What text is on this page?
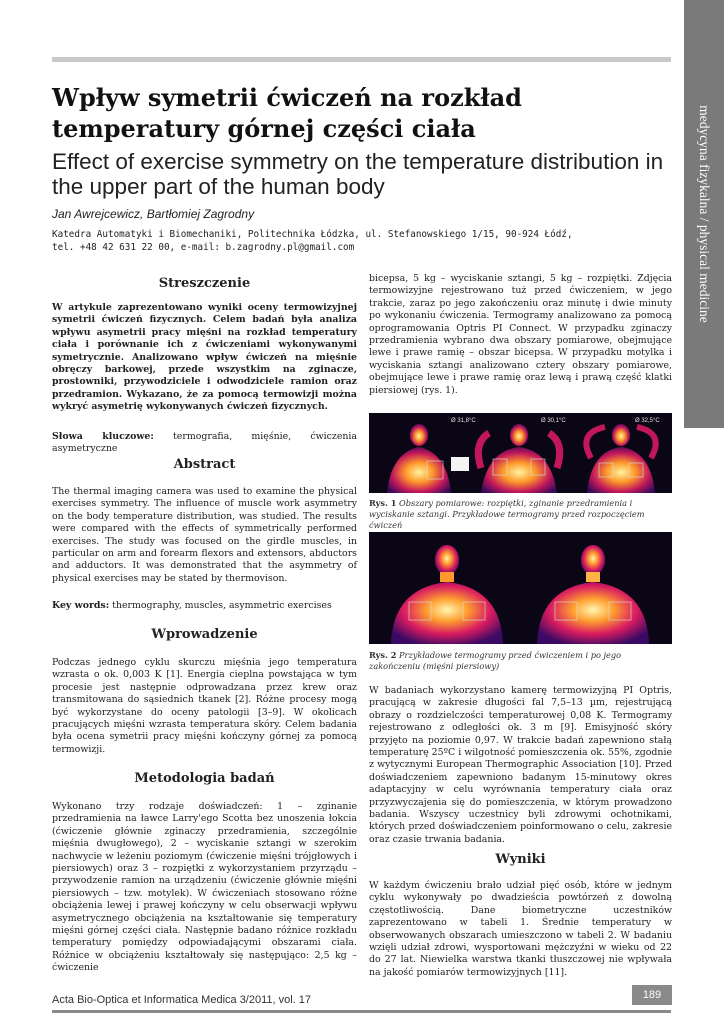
medycyna fizykalna / physical medicine
Wpływ symetrii ćwiczeń na rozkład temperatury górnej części ciała
Effect of exercise symmetry on the temperature distribution in the upper part of the human body
Jan Awrejcewicz, Bartłomiej Zagrodny
Katedra Automatyki i Biomechaniki, Politechnika Łódzka, ul. Stefanowskiego 1/15, 90-924 Łódź,
tel. +48 42 631 22 00, e-mail: b.zagrodny.pl@gmail.com
Streszczenie

W artykule zaprezentowano wyniki oceny termowizyjnej symetrii ćwiczeń fizycznych. Celem badań była analiza wpływu asymetrii pracy mięśni na rozkład temperatury ciała i porównanie ich z ćwiczeniami wykonywanymi symetrycznie. Analizowano wpływ ćwiczeń na mięśnie obręczy barkowej, przede wszystkim na zginacze, prostowniki, przywodziciele i odwodziciele ramion oraz przedramion. Wykazano, że za pomocą termowizji można wykryć asymetrię wykonywanych ćwiczeń fizycznych.

Słowa kluczowe: termografia, mięśnie, ćwiczenia asymetryczne

Abstract

The thermal imaging camera was used to examine the physical exercises symmetry. The influence of muscle work asymmetry on the body temperature distribution, was studied. The results were compared with the effects of symmetrically performed exercises. The study was focused on the girdle muscles, in particular on arm and forearm flexors and extensors, abductors and adductors. It was demonstrated that the asymmetry of physical exercises may be stated by thermovison.

Key words: thermography, muscles, asymmetric exercises

Wprowadzenie

Podczas jednego cyklu skurczu mięśnia jego temperatura wzrasta o ok. 0,003 K [1]. Energia cieplna powstająca w tym procesie jest następnie odprowadzana przez krew oraz transmitowana do sąsiednich tkanek [2]. Różne procesy mogą być wykorzystane do oceny patologii [3–9]. W okolicach pracujących mięśni wzrasta temperatura skóry. Celem badania była ocena symetrii pracy mięśni kończyny górnej za pomocą termowizji.

Metodologia badań

Wykonano trzy rodzaje doświadczeń: 1 – zginanie przedramienia na ławce Larry'ego Scotta bez unoszenia łokcia (ćwiczenie głównie zginaczy przedramienia, szczególnie mięśnia dwugłowego), 2 – wyciskanie sztangi w szerokim nachwycie w leżeniu poziomym (ćwiczenie mięśni trójgłowych i piersiowych) oraz 3 – rozpiętki z wykorzystaniem przyrządu – przywodzenie ramion na urządzeniu (ćwiczenie głównie mięśni piersiowych – tzw. motylek). W ćwiczeniach stosowano różne obciążenia lewej i prawej kończyny w celu obserwacji wpływu asymetrycznego obciążenia na kształtowanie się temperatury mięśni górnej części ciała. Następnie badano różnice rozkładu temperatury pomiędzy odpowiadającymi obszarami ciała. Różnice w obciążeniu kształtowały się następująco: 2,5 kg – ćwiczenie

bicepsa, 5 kg – wyciskanie sztangi, 5 kg – rozpiętki. Zdjęcia termowizyjne rejestrowano tuż przed ćwiczeniem, w jego trakcie, zaraz po jego zakończeniu oraz minutę i dwie minuty po wykonaniu ćwiczenia. Termogramy analizowano za pomocą oprogramowania Optris PI Connect. W przypadku zginaczy przedramienia wybrano dwa obszary pomiarowe, obejmujące lewe i prawe ramię – obszar bicepsa. W przypadku motylka i wyciskania sztangi analizowano cztery obszary pomiarowe, obejmujące lewe i prawe ramię oraz lewą i prawą część klatki piersiowej (rys. 1).

Ø 31,8°C	Ø 30,1°C	Ø 32,5°C
Rys. 1 Obszary pomiarowe: rozpiętki, zginanie przedramienia i wyciskanie sztangi. Przykładowe termogramy przed rozpoczęciem ćwiczeń
Rys. 2 Przykładowe termogramy przed ćwiczeniem i po jego zakończeniu (mięśni piersiowy)

W badaniach wykorzystano kamerę termowizyjną PI Optris, pracującą w zakresie długości fal 7,5–13 µm, rejestrującą obrazy o rozdzielczości temperaturowej 0,08 K. Termogramy rejestrowano z odległości ok. 3 m [9]. Emisyjność skóry przyjęto na poziomie 0,97. W trakcie badań zapewniono stałą temperaturę 25ºC i wilgotność pomieszczenia ok. 55%, zgodnie z wytycznymi European Thermographic Association [10]. Przed doświadczeniem zapewniono badanym 15-minutowy okres adaptacyjny w celu wyrównania temperatury ciała oraz przyzwyczajenia się do pomieszczenia, w którym prowadzono badania. Wszyscy uczestnicy byli zdrowymi ochotnikami, których przed doświadczeniem poinformowano o celu, zakresie oraz czasie trwania badania.

Wyniki

W każdym ćwiczeniu brało udział pięć osób, które w jednym cyklu wykonywały po dwadzieścia powtórzeń z dowolną częstotliwością. Dane biometryczne uczestników zaprezentowano w tabeli 1. Średnie temperatury w obserwowanych obszarach umieszczono w tabeli 2. W badaniu wzięli udział zdrowi, wysportowani mężczyźni w wieku od 22 do 27 lat. Niewielka warstwa tkanki tłuszczowej nie wpływała na jakość pomiarów termowizyjnych [11].

Acta Bio-Optica et Informatica Medica 3/2011, vol. 17	189
